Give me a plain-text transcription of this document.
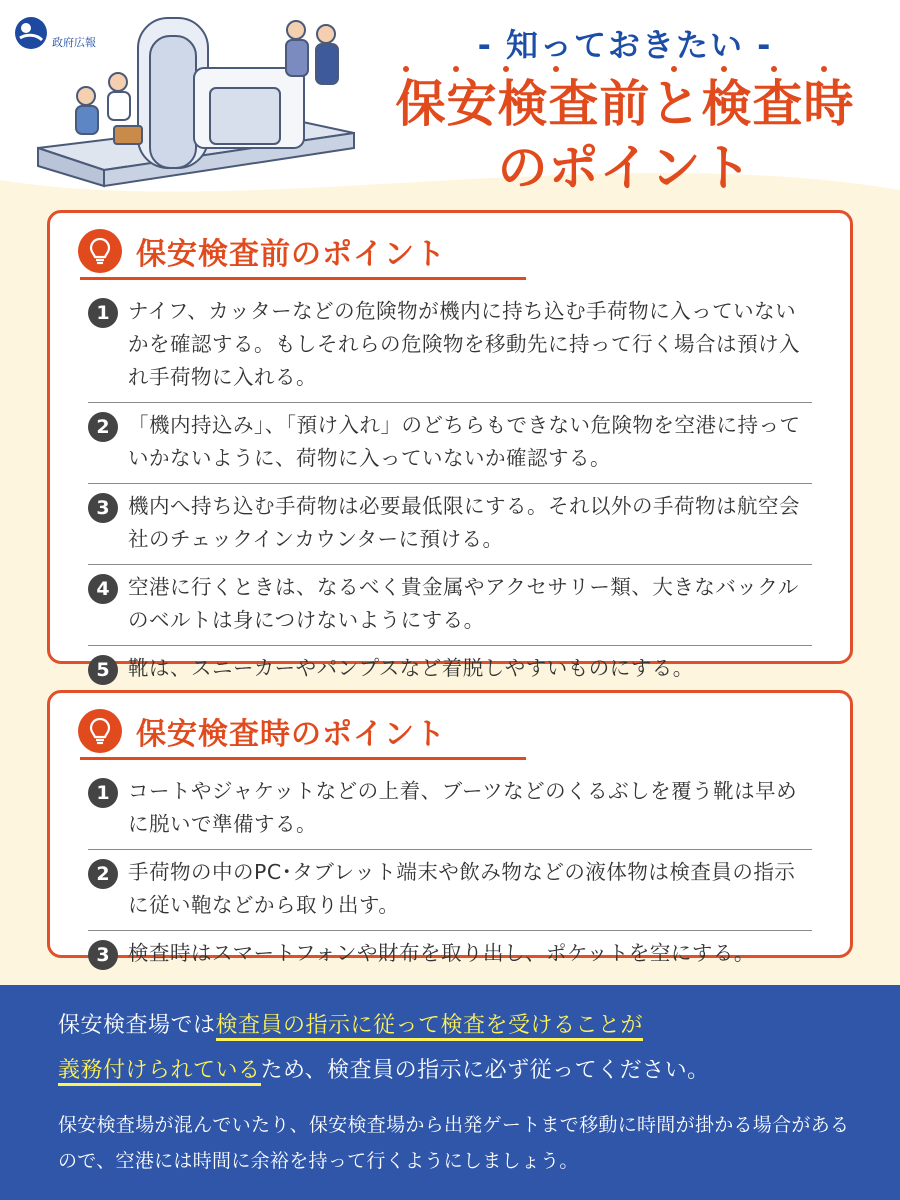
政府広報	- 知っておきたい -
保安検査前と検査時
のポイント
保安検査前のポイント
1 ナイフ、カッターなどの危険物が機内に持ち込む手荷物に入っていないかを確認する。もしそれらの危険物を移動先に持って行く場合は預け入れ手荷物に入れる。
2 「機内持込み」、「預け入れ」のどちらもできない危険物を空港に持っていかないように、荷物に入っていないか確認する。
3 機内へ持ち込む手荷物は必要最低限にする。それ以外の手荷物は航空会社のチェックインカウンターに預ける。
4 空港に行くときは、なるべく貴金属やアクセサリー類、大きなバックルのベルトは身につけないようにする。
5 靴は、スニーカーやパンプスなど着脱しやすいものにする。
保安検査時のポイント
1 コートやジャケットなどの上着、ブーツなどのくるぶしを覆う靴は早めに脱いで準備する。
2 手荷物の中のPC･タブレット端末や飲み物などの液体物は検査員の指示に従い鞄などから取り出す。
3 検査時はスマートフォンや財布を取り出し、ポケットを空にする。

保安検査場では検査員の指示に従って検査を受けることが
義務付けられているため、検査員の指示に必ず従ってください。

保安検査場が混んでいたり、保安検査場から出発ゲートまで移動に時間が掛かる場合があるので、空港には時間に余裕を持って行くようにしましょう。
